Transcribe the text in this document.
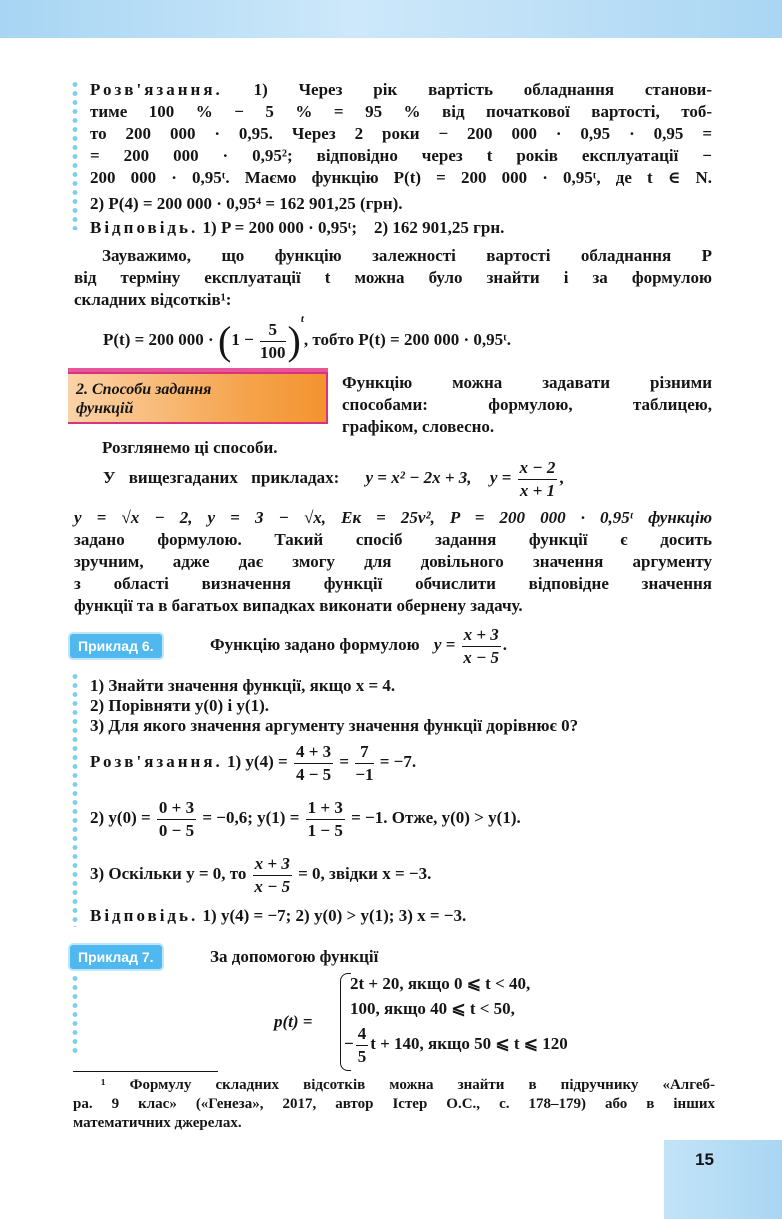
Розв'язання. 1) Через рік вартість обладнання станови-
тиме 100 % − 5 % = 95 % від початкової вартості, тоб-
то 200 000 · 0,95. Через 2 роки − 200 000 · 0,95 · 0,95 =
= 200 000 · 0,95²; відповідно через t років експлуатації −
200 000 · 0,95ᵗ. Маємо функцію P(t) = 200 000 · 0,95ᵗ, де t ∈ N.
2) P(4) = 200 000 · 0,95⁴ = 162 901,25 (грн).
Відповідь. 1) P = 200 000 · 0,95ᵗ;    2) 162 901,25 грн.
Зауважимо, що функцію залежності вартості обладнання P
від терміну експлуатації t можна було знайти і за формулою
складних відсотків¹:
P(t) = 200 $000 \cdot (1 - \frac{5}{100} )^t$, тобто P(t) = 200 000 · 0,95ᵗ.
2. Способи задання
функцій
Функцію можна задавати різними
способами: формулою, таблицею,
графіком, словесно.
Розглянемо ці способи.
У вищезгаданих прикладах: y = x² − 2x + 3, $y = \frac{x - 2}{x + 1}$ ,
y = √x − 2, y = 3 − √x, Eк = 25v², P = 200 000 · 0,95ᵗ функцію
задано формулою. Такий спосіб задання функції є досить
зручним, адже дає змогу для довільного значення аргументу
з області визначення функції обчислити відповідне значення
функції та в багатьох випадках виконати обернену задачу.
Приклад 6.	Функцію задано формулою $y = \frac{x + 3}{x - 5}$ .
1) Знайти значення функції, якщо x = 4.
2) Порівняти y(0) і y(1).
3) Для якого значення аргументу значення функції дорівнює 0?
Розв'язання. 1) $y(4) = \frac{4 + 3}{4 - 5} = \frac{7}{-1} = -7$.
2) $y(0) = \frac{0 + 3}{0 - 5} = -0,6$; $y(1) = \frac{1 + 3}{1 - 5} = -1$. Отже, y(0) > y(1).
3) Оскільки y = 0, то $\frac{x + 3}{x - 5} = 0$, звідки x = −3.
Відповідь. 1) y(4) = −7; 2) y(0) > y(1); 3) x = −3.
Приклад 7.	За допомогою функції
p(t) =
2t + 20, якщо 0 ⩽ t < 40,
100, якщо 40 ⩽ t < 50,
− $\frac{4}{5}$ t + 140, якщо 50 ⩽ t ⩽ 120
¹ Формулу складних відсотків можна знайти в підручнику «Алгеб-
ра. 9 клас» («Генеза», 2017, автор Істер О.С., с. 178–179) або в інших
математичних джерелах.
15
